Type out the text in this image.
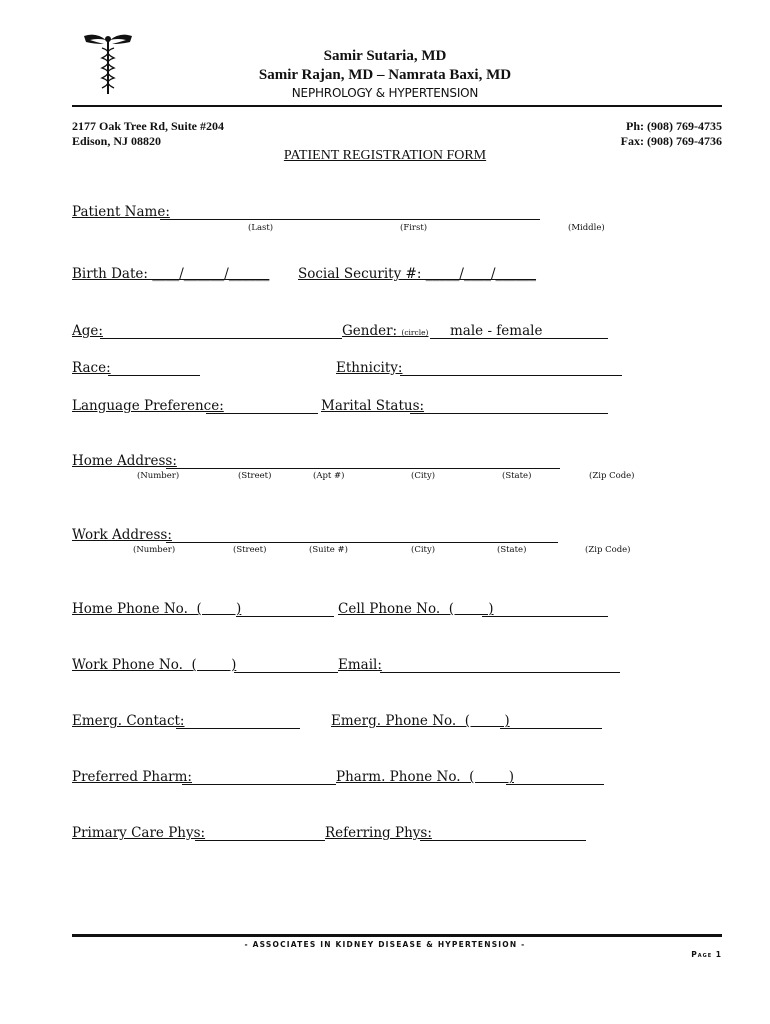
Samir Sutaria, MD
Samir Rajan, MD – Namrata Baxi, MD
NEPHROLOGY & HYPERTENSION
2177 Oak Tree Rd, Suite #204
Edison, NJ 08820
Ph: (908) 769-4735
Fax: (908) 769-4736
PATIENT REGISTRATION FORM
Patient Name:
(Last)	(First)	(Middle)
Birth Date: ____/______/______ Social Security #: _____/____/______
Age:	Gender: (circle) male - female
Race:	Ethnicity:
Language Preference:	Marital Status:
Home Address:
(Number)	(Street)	(Apt #)	(City)	(State)	(Zip Code)
Work Address:
(Number)	(Street)	(Suite #)	(City)	(State)	(Zip Code)
Home Phone No.  (        )	Cell Phone No.  (        )
Work Phone No.  (        )	Email:
Emerg. Contact:	Emerg. Phone No.  (        )
Preferred Pharm:	Pharm. Phone No.  (        )
Primary Care Phys:	Referring Phys:
- ASSOCIATES IN KIDNEY DISEASE & HYPERTENSION -
Page 1
